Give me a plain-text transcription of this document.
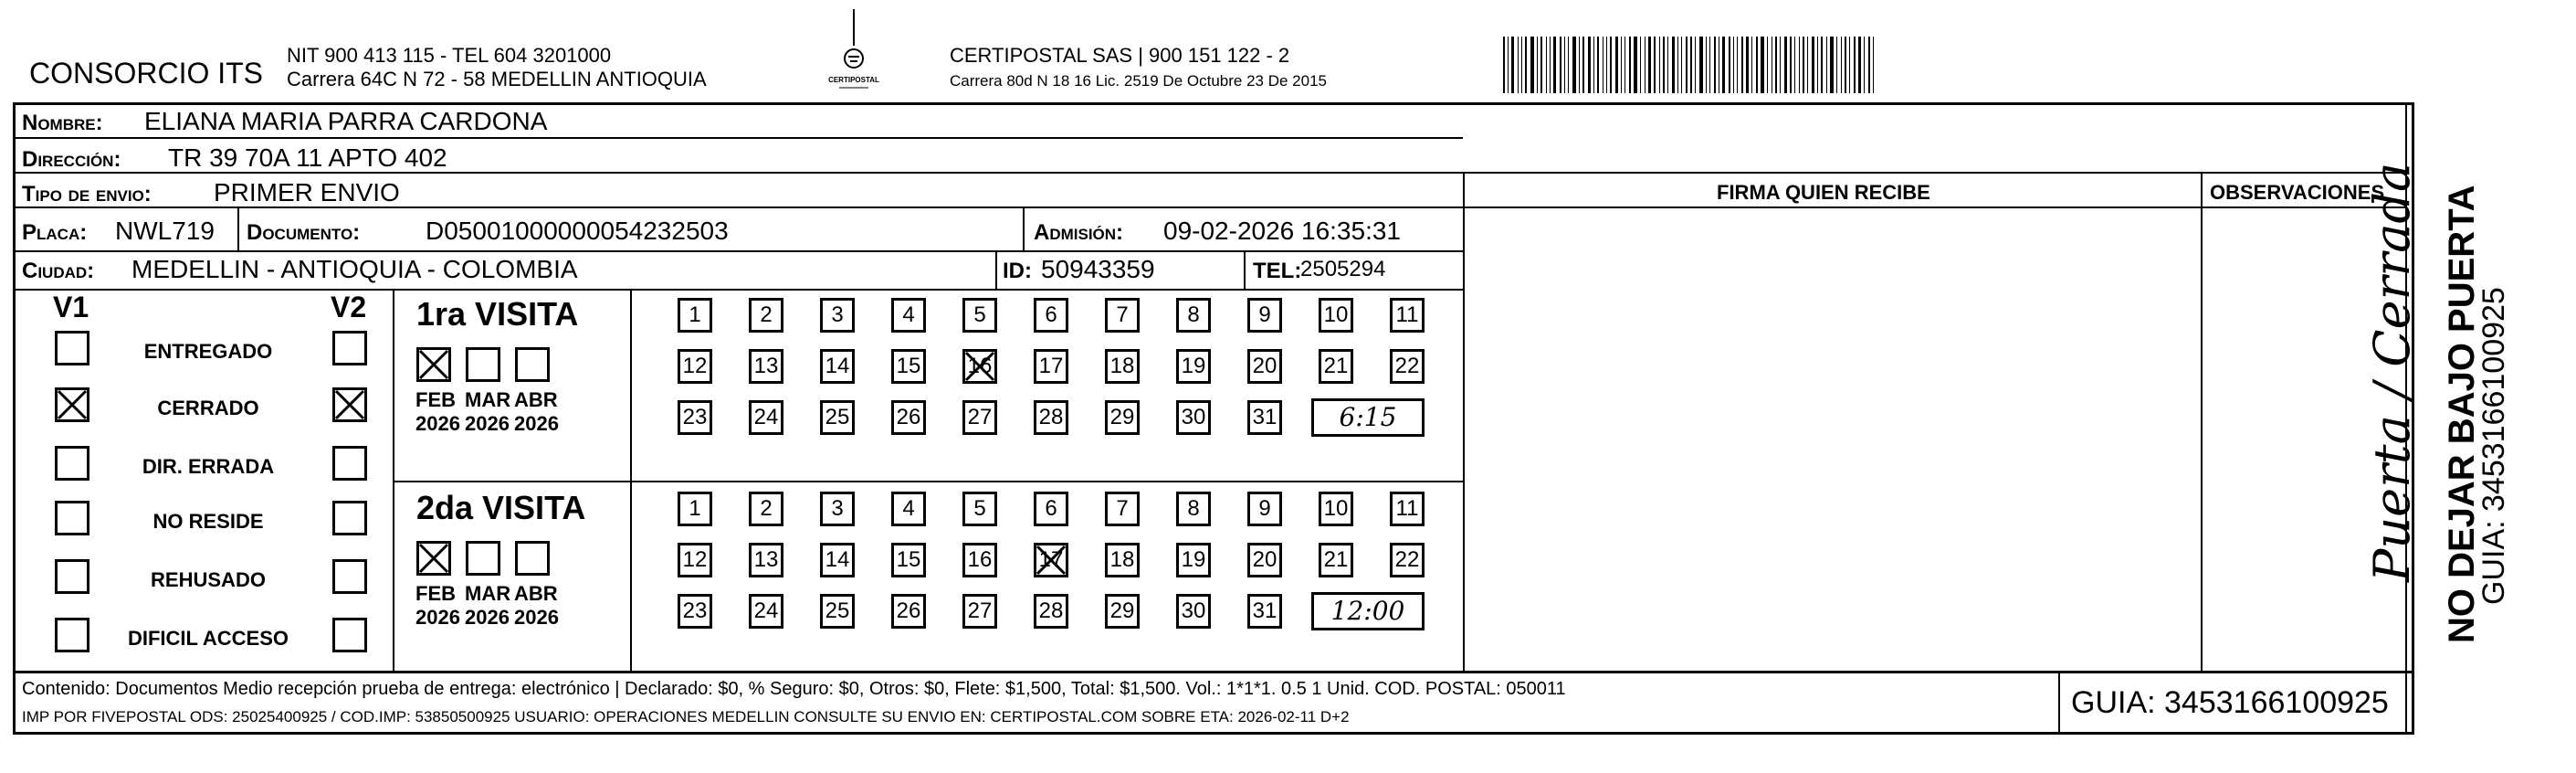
CONSORCIO ITS
NIT 900 413 115 - TEL 604 3201000
Carrera 64C N 72 - 58 MEDELLIN ANTIOQUIA	CERTIPOSTAL
CERTIPOSTAL SAS | 900 151 122 - 2
Carrera 80d N 18 16 Lic. 2519 De Octubre 23 De 2015
Nombre: ELIANA MARIA PARRA CARDONA
Dirección: TR 39 70A 11 APTO 402
Tipo de envio: PRIMER ENVIO	FIRMA QUIEN RECIBE	OBSERVACIONES
Placa: NWL719 Documento:	D05001000000054232503	Admisión: 09-02-2026 16:35:31
Ciudad: MEDELLIN - ANTIOQUIA - COLOMBIA	ID: 50943359	TEL:
2505294
V1	V2
ENTREGADO
CERRADO
DIR. ERRADA
NO RESIDE
REHUSADO
DIFICIL ACCESO
1ra VISITA
FEB
2026
MAR
2026
ABR
2026
1	2	3	4	5	6	7	8	9	10 11
12 13 14 15 16 17 18 19 20 21 22
23 24 25 26 27 28 29 30 31	6:15
2da VISITA
FEB
2026
MAR
2026
ABR
2026
1	2	3	4	5	6	7	8	9	10 11
12 13 14 15 16 17 18 19 20 21 22
23 24 25 26 27 28 29 30 31	12:00
Puerta / Cerrada NO DEJAR BAJO PUERTA
GUIA: 3453166100925
Contenido: Documentos Medio recepción prueba de entrega: electrónico | Declarado: $0, % Seguro: $0, Otros: $0, Flete: $1,500, Total: $1,500. Vol.: 1*1*1. 0.5 1 Unid. COD. POSTAL: 050011
IMP POR FIVEPOSTAL ODS: 25025400925 / COD.IMP: 53850500925 USUARIO: OPERACIONES MEDELLIN CONSULTE SU ENVIO EN: CERTIPOSTAL.COM SOBRE ETA: 2026-02-11 D+2	GUIA: 3453166100925
